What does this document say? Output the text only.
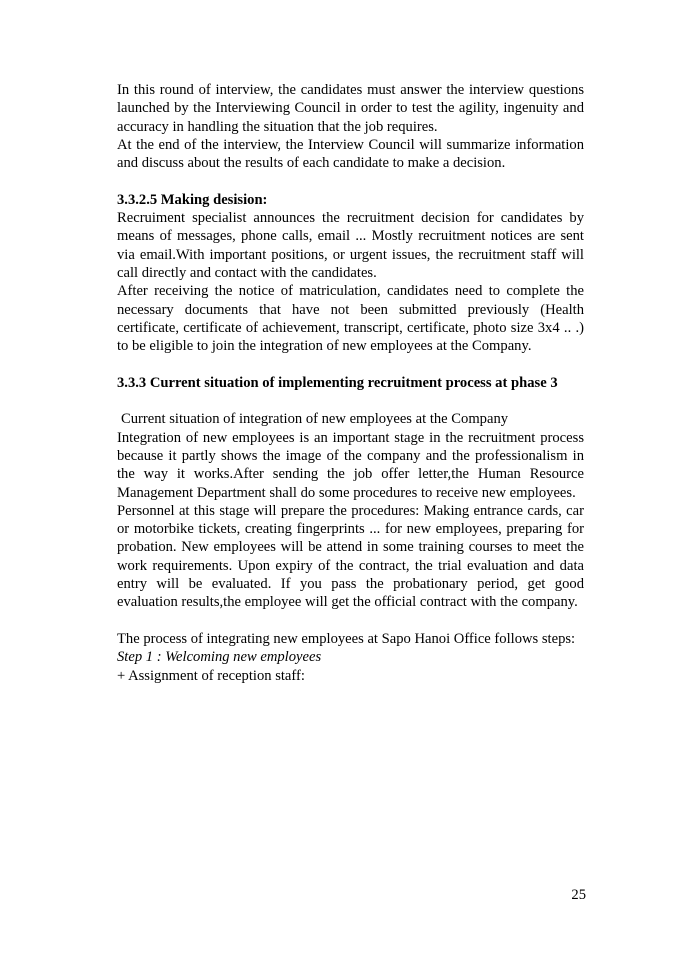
In this round of interview, the candidates must answer the interview questions launched by the Interviewing Council in order to test the agility, ingenuity and accuracy in handling the situation that the job requires.

At the end of the interview, the Interview Council will summarize information and discuss about the results of each candidate to make a decision.

3.3.2.5 Making desision:

Recruiment specialist announces the recruitment decision for candidates by means of messages, phone calls, email ... Mostly recruitment notices are sent via email.With important positions, or urgent issues, the recruitment staff will call directly and contact with the candidates.

After receiving the notice of matriculation, candidates need to complete the necessary documents that have not been submitted previously (Health certificate, certificate of achievement, transcript, certificate, photo size 3x4 .. .) to be eligible to join the integration of new employees at the Company.

3.3.3 Current situation of implementing recruitment process at phase 3

Current situation of integration of new employees at the Company

Integration of new employees is an important stage in the recruitment process because it partly shows the image of the company and the professionalism in the way it works.After sending the job offer letter,the Human Resource Management Department shall do some procedures to receive new employees.

Personnel at this stage will prepare the procedures: Making entrance cards, car or motorbike tickets, creating fingerprints ... for new employees, preparing for probation. New employees will be attend in some training courses to meet the work requirements. Upon expiry of the contract, the trial evaluation and data entry will be evaluated. If you pass the probationary period, get good evaluation results,the employee will get the official contract with the company.

The process of integrating new employees at Sapo Hanoi Office follows steps:

Step 1 : Welcoming new employees

+ Assignment of reception staff:

25
